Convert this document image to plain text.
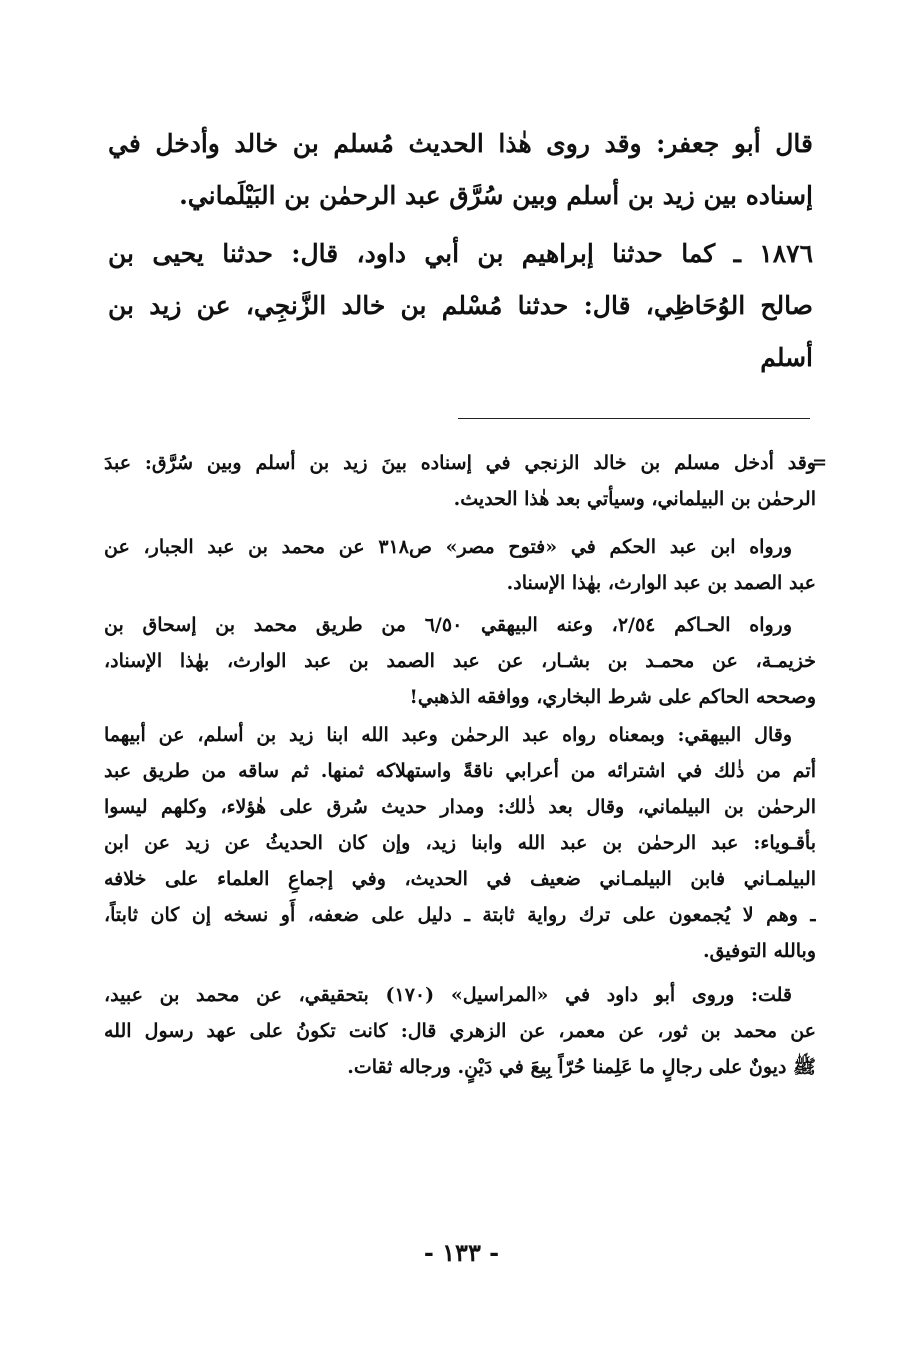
قال أبو جعفر: وقد روى هٰذا الحديث مُسلم بن خالد وأدخل في
إسناده بين زيد بن أسلم وبين سُرَّق عبد الرحمٰن بن البَيْلَماني.

١٨٧٦ ـ كما حدثنا إبراهيم بن أبي داود، قال: حدثنا يحيى بن
صالح الوُحَاظِي، قال: حدثنا مُسْلم بن خالد الزَّنجِي، عن زيد بن
أسلم

=

وقد أدخل مسلم بن خالد الزنجي في إسناده بينَ زيد بن أسلم وبين سُرَّق: عبدَ
الرحمٰن بن البيلماني، وسيأتي بعد هٰذا الحديث.

ورواه ابن عبد الحكم في «فتوح مصر» ص٣١٨ عن محمد بن عبد الجبار، عن
عبد الصمد بن عبد الوارث، بهٰذا الإسناد.

ورواه الحـاكم ٢/٥٤، وعنه البيهقي ٦/٥٠ من طريق محمد بن إسحاق بن
خزيمـة، عن محمـد بن بشـار، عن عبد الصمد بن عبد الوارث، بهٰذا الإسناد،
وصححه الحاكم على شرط البخاري، ووافقه الذهبي!

وقال البيهقي: وبمعناه رواه عبد الرحمٰن وعبد الله ابنا زيد بن أسلم، عن أبيهما
أتم من ذٰلك في اشترائه من أعرابي ناقةً واستهلاكه ثمنها. ثم ساقه من طريق عبد
الرحمٰن بن البيلماني، وقال بعد ذٰلك: ومدار حديث سُرق على هٰؤلاء، وكلهم ليسوا
بأقـوياء: عبد الرحمٰن بن عبد الله وابنا زيد، وإن كان الحديثُ عن زيد عن ابن
البيلمـاني فابن البيلمـاني ضعيف في الحديث، وفي إجماعِ العلماء على خلافه
ـ وهم لا يُجمعون على ترك رواية ثابتة ـ دليل على ضعفه، أَو نسخه إن كان ثابتاً،
وبالله التوفيق.

قلت: وروى أبو داود في «المراسيل» (١٧٠) بتحقيقي، عن محمد بن عبيد،
عن محمد بن ثور، عن معمر، عن الزهري قال: كانت تكونُ على عهد رسول الله
ﷺ ديونٌ على رجالٍ ما عَلِمنا حُرّاً بِيعَ في دَيْنٍ. ورجاله ثقات.

- ١٣٣ -
